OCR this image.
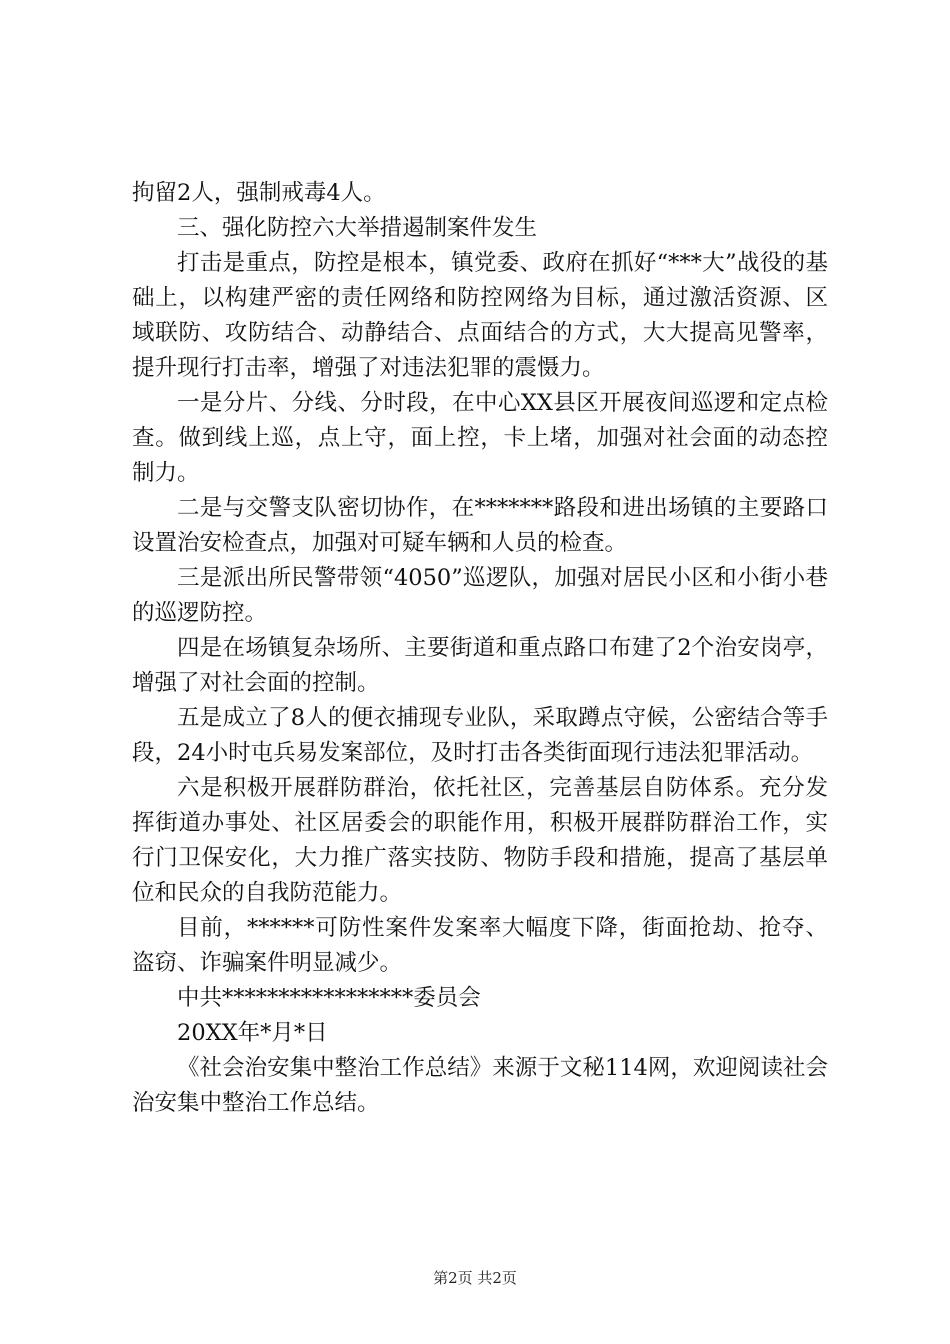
拘留2人，强制戒毒4人。

三、强化防控六大举措遏制案件发生

打击是重点，防控是根本，镇党委、政府在抓好“***大”战役的基础上，以构建严密的责任网络和防控网络为目标，通过激活资源、区域联防、攻防结合、动静结合、点面结合的方式，大大提高见警率，提升现行打击率，增强了对违法犯罪的震慑力。

一是分片、分线、分时段，在中心XX县区开展夜间巡逻和定点检查。做到线上巡，点上守，面上控，卡上堵，加强对社会面的动态控制力。

二是与交警支队密切协作，在*******路段和进出场镇的主要路口设置治安检查点，加强对可疑车辆和人员的检查。

三是派出所民警带领“4050”巡逻队，加强对居民小区和小街小巷的巡逻防控。

四是在场镇复杂场所、主要街道和重点路口布建了2个治安岗亭，增强了对社会面的控制。

五是成立了8人的便衣捕现专业队，采取蹲点守候，公密结合等手段，24小时屯兵易发案部位，及时打击各类街面现行违法犯罪活动。

六是积极开展群防群治，依托社区，完善基层自防体系。充分发挥街道办事处、社区居委会的职能作用，积极开展群防群治工作，实行门卫保安化，大力推广落实技防、物防手段和措施，提高了基层单位和民众的自我防范能力。

目前，******可防性案件发案率大幅度下降，街面抢劫、抢夺、盗窃、诈骗案件明显减少。

中共*****************委员会

20XX年*月*日

《社会治安集中整治工作总结》来源于文秘114网，欢迎阅读社会治安集中整治工作总结。

第2页 共2页
